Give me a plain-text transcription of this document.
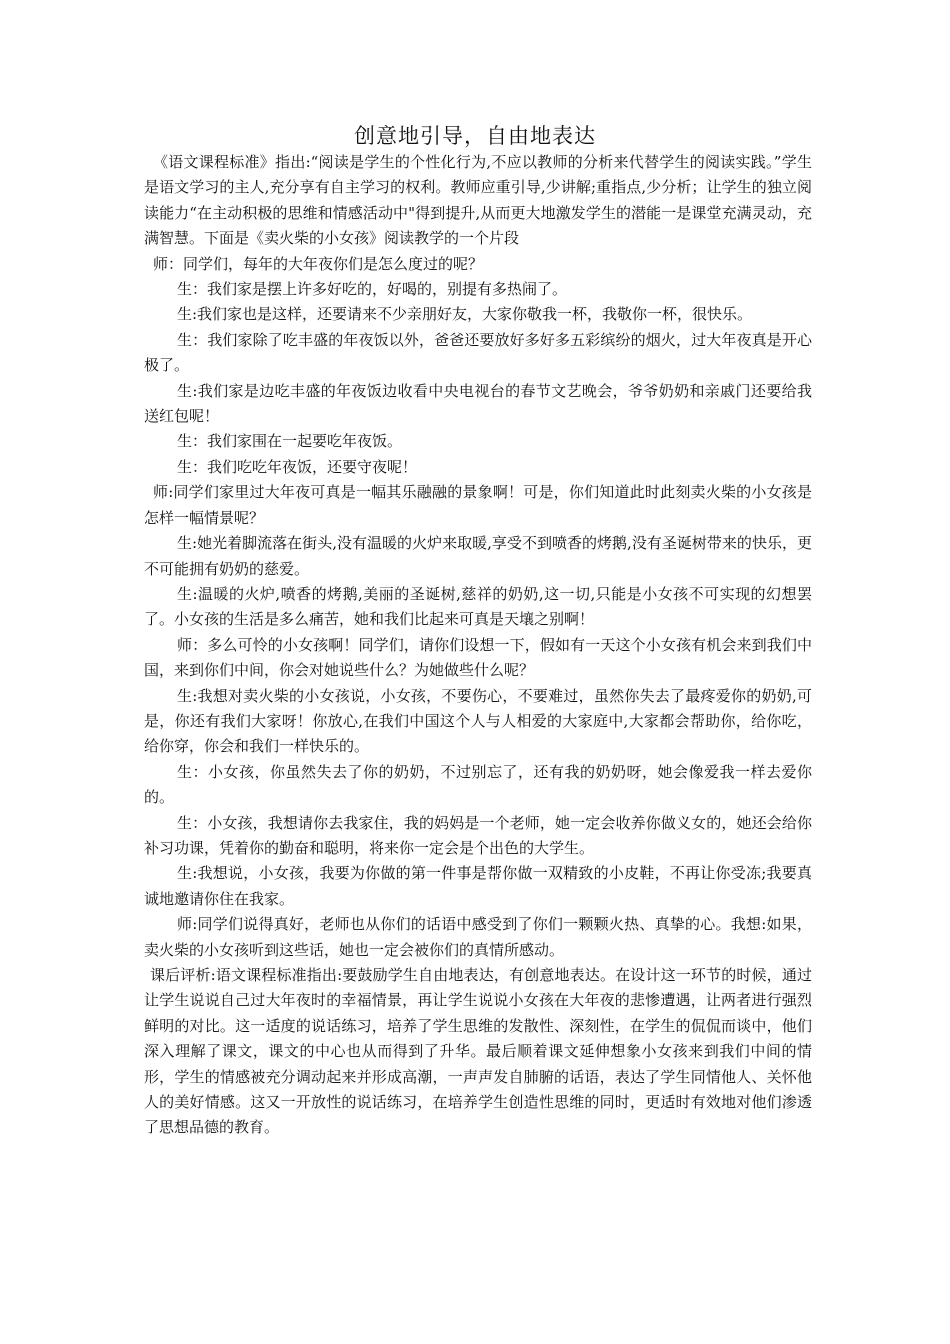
创意地引导，自由地表达

《语文课程标准》指出:“阅读是学生的个性化行为,不应以教师的分析来代替学生的阅读实践。”学生是语文学习的主人,充分享有自主学习的权利。教师应重引导,少讲解;重指点,少分析；让学生的独立阅读能力“在主动积极的思维和情感活动中"得到提升,从而更大地激发学生的潜能一是课堂充满灵动，充满智慧。下面是《卖火柴的小女孩》阅读教学的一个片段

师：同学们，每年的大年夜你们是怎么度过的呢？

生：我们家是摆上许多好吃的，好喝的，别提有多热闹了。

生:我们家也是这样，还要请来不少亲朋好友，大家你敬我一杯，我敬你一杯，很快乐。

生：我们家除了吃丰盛的年夜饭以外，爸爸还要放好多好多五彩缤纷的烟火，过大年夜真是开心极了。

生:我们家是边吃丰盛的年夜饭边收看中央电视台的春节文艺晚会，爷爷奶奶和亲戚门还要给我送红包呢！

生：我们家围在一起要吃年夜饭。

生：我们吃吃年夜饭，还要守夜呢！

师:同学们家里过大年夜可真是一幅其乐融融的景象啊！可是，你们知道此时此刻卖火柴的小女孩是怎样一幅情景呢？

生:她光着脚流落在街头,没有温暖的火炉来取暖,享受不到喷香的烤鹅,没有圣诞树带来的快乐，更不可能拥有奶奶的慈爱。

生:温暖的火炉,喷香的烤鹅,美丽的圣诞树,慈祥的奶奶,这一切,只能是小女孩不可实现的幻想罢了。小女孩的生活是多么痛苦，她和我们比起来可真是天壤之别啊！

师：多么可怜的小女孩啊！同学们，请你们设想一下，假如有一天这个小女孩有机会来到我们中国，来到你们中间，你会对她说些什么？为她做些什么呢？

生:我想对卖火柴的小女孩说，小女孩，不要伤心，不要难过，虽然你失去了最疼爱你的奶奶,可是，你还有我们大家呀！你放心,在我们中国这个人与人相爱的大家庭中,大家都会帮助你，给你吃，给你穿，你会和我们一样快乐的。

生：小女孩，你虽然失去了你的奶奶，不过别忘了，还有我的奶奶呀，她会像爱我一样去爱你的。

生：小女孩，我想请你去我家住，我的妈妈是一个老师，她一定会收养你做义女的，她还会给你补习功课，凭着你的勤奋和聪明，将来你一定会是个出色的大学生。

生:我想说，小女孩，我要为你做的第一件事是帮你做一双精致的小皮鞋，不再让你受冻;我要真诚地邀请你住在我家。

师:同学们说得真好，老师也从你们的话语中感受到了你们一颗颗火热、真挚的心。我想:如果，卖火柴的小女孩听到这些话，她也一定会被你们的真情所感动。

课后评析:语文课程标准指出:要鼓励学生自由地表达，有创意地表达。在设计这一环节的时候，通过让学生说说自己过大年夜时的幸福情景，再让学生说说小女孩在大年夜的悲惨遭遇，让两者进行强烈鲜明的对比。这一适度的说话练习，培养了学生思维的发散性、深刻性，在学生的侃侃而谈中，他们深入理解了课文，课文的中心也从而得到了升华。最后顺着课文延伸想象小女孩来到我们中间的情形，学生的情感被充分调动起来并形成高潮，一声声发自肺腑的话语，表达了学生同情他人、关怀他人的美好情感。这又一开放性的说话练习，在培养学生创造性思维的同时，更适时有效地对他们渗透了思想品德的教育。
